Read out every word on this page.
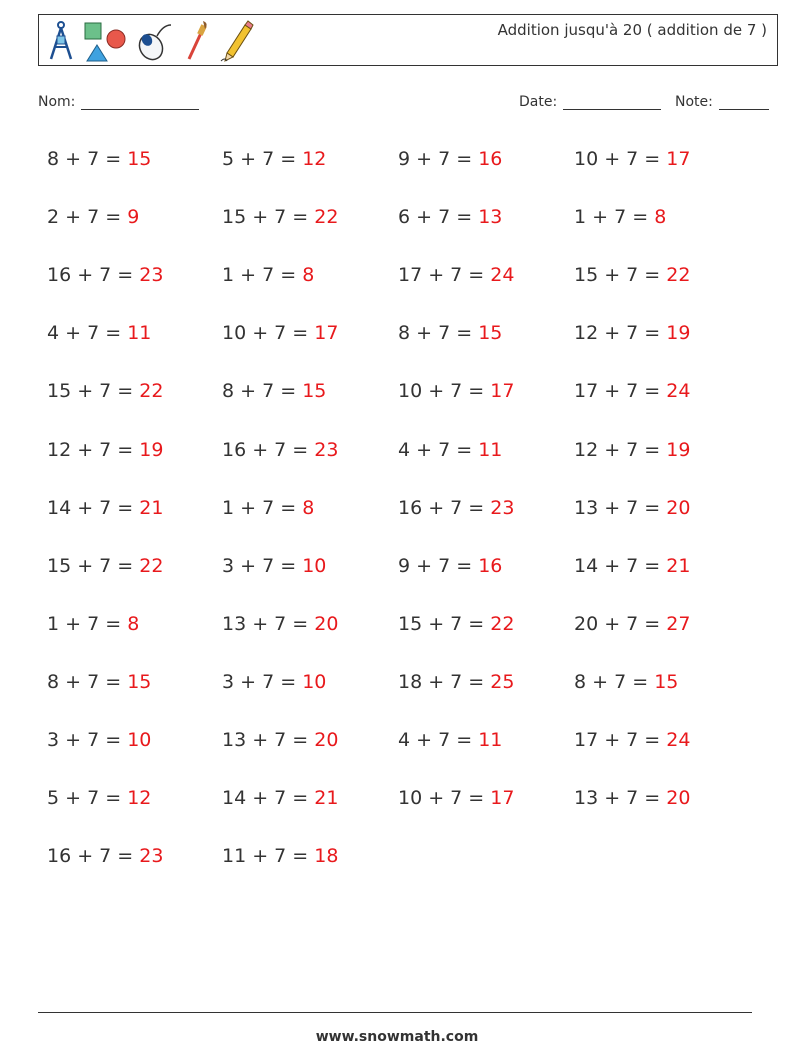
Addition jusqu'à 20 ( addition de 7 )
Nom:	Date:	Note:
8 + 7 = 15	5 + 7 = 12	9 + 7 = 16	10 + 7 = 17
2 + 7 = 9	15 + 7 = 22	6 + 7 = 13	1 + 7 = 8
16 + 7 = 23	1 + 7 = 8	17 + 7 = 24	15 + 7 = 22
4 + 7 = 11	10 + 7 = 17	8 + 7 = 15	12 + 7 = 19
15 + 7 = 22	8 + 7 = 15	10 + 7 = 17	17 + 7 = 24
12 + 7 = 19	16 + 7 = 23	4 + 7 = 11	12 + 7 = 19
14 + 7 = 21	1 + 7 = 8	16 + 7 = 23	13 + 7 = 20
15 + 7 = 22	3 + 7 = 10	9 + 7 = 16	14 + 7 = 21
1 + 7 = 8	13 + 7 = 20	15 + 7 = 22	20 + 7 = 27
8 + 7 = 15	3 + 7 = 10	18 + 7 = 25	8 + 7 = 15
3 + 7 = 10	13 + 7 = 20	4 + 7 = 11	17 + 7 = 24
5 + 7 = 12	14 + 7 = 21	10 + 7 = 17	13 + 7 = 20
16 + 7 = 23	11 + 7 = 18
www.snowmath.com
